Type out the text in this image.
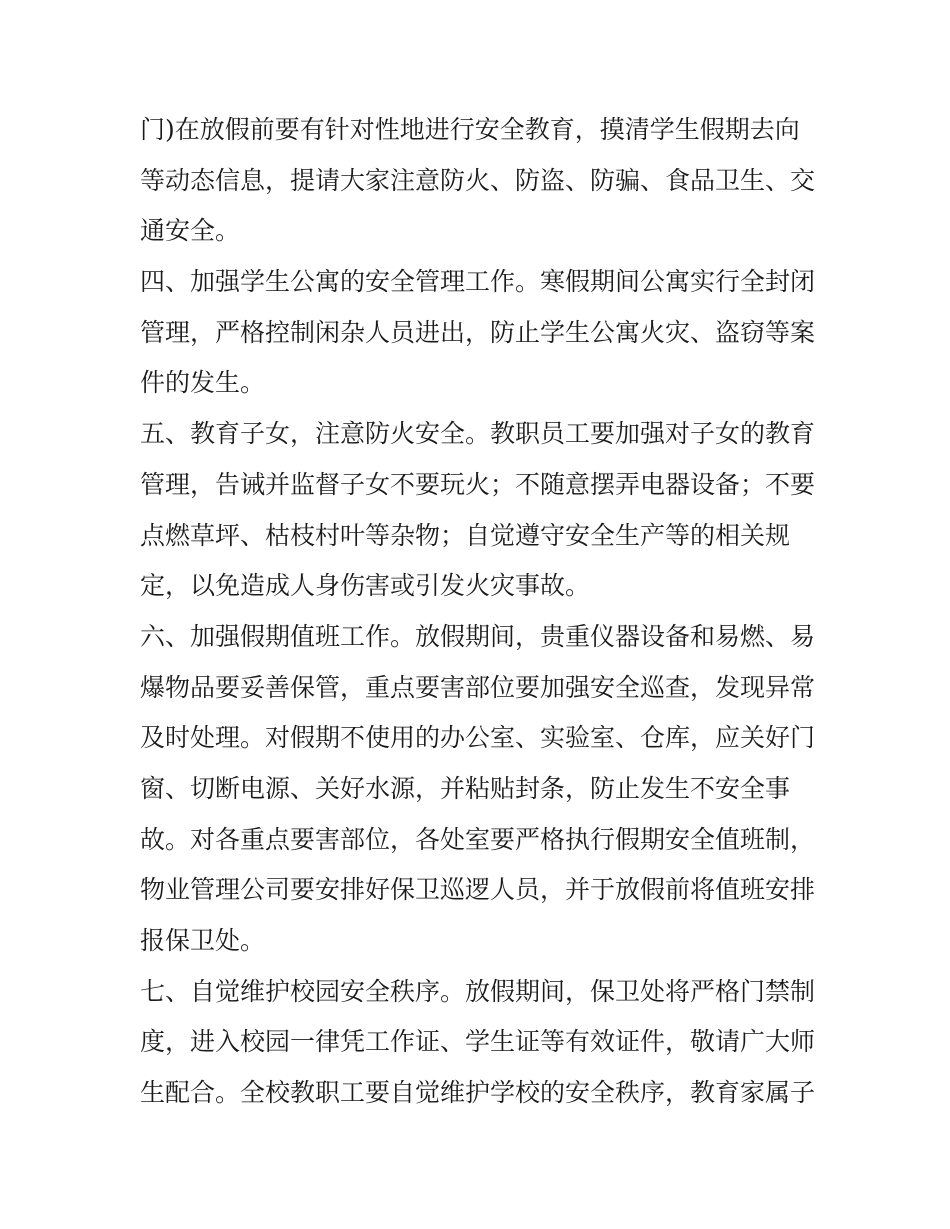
门)在放假前要有针对性地进行安全教育，摸清学生假期去向
等动态信息，提请大家注意防火、防盗、防骗、食品卫生、交
通安全。
四、加强学生公寓的安全管理工作。寒假期间公寓实行全封闭
管理，严格控制闲杂人员进出，防止学生公寓火灾、盗窃等案
件的发生。
五、教育子女，注意防火安全。教职员工要加强对子女的教育
管理，告诫并监督子女不要玩火；不随意摆弄电器设备；不要
点燃草坪、枯枝村叶等杂物；自觉遵守安全生产等的相关规
定，以免造成人身伤害或引发火灾事故。
六、加强假期值班工作。放假期间，贵重仪器设备和易燃、易
爆物品要妥善保管，重点要害部位要加强安全巡查，发现异常
及时处理。对假期不使用的办公室、实验室、仓库，应关好门
窗、切断电源、关好水源，并粘贴封条，防止发生不安全事
故。对各重点要害部位，各处室要严格执行假期安全值班制，
物业管理公司要安排好保卫巡逻人员，并于放假前将值班安排
报保卫处。
七、自觉维护校园安全秩序。放假期间，保卫处将严格门禁制
度，进入校园一律凭工作证、学生证等有效证件，敬请广大师
生配合。全校教职工要自觉维护学校的安全秩序，教育家属子
